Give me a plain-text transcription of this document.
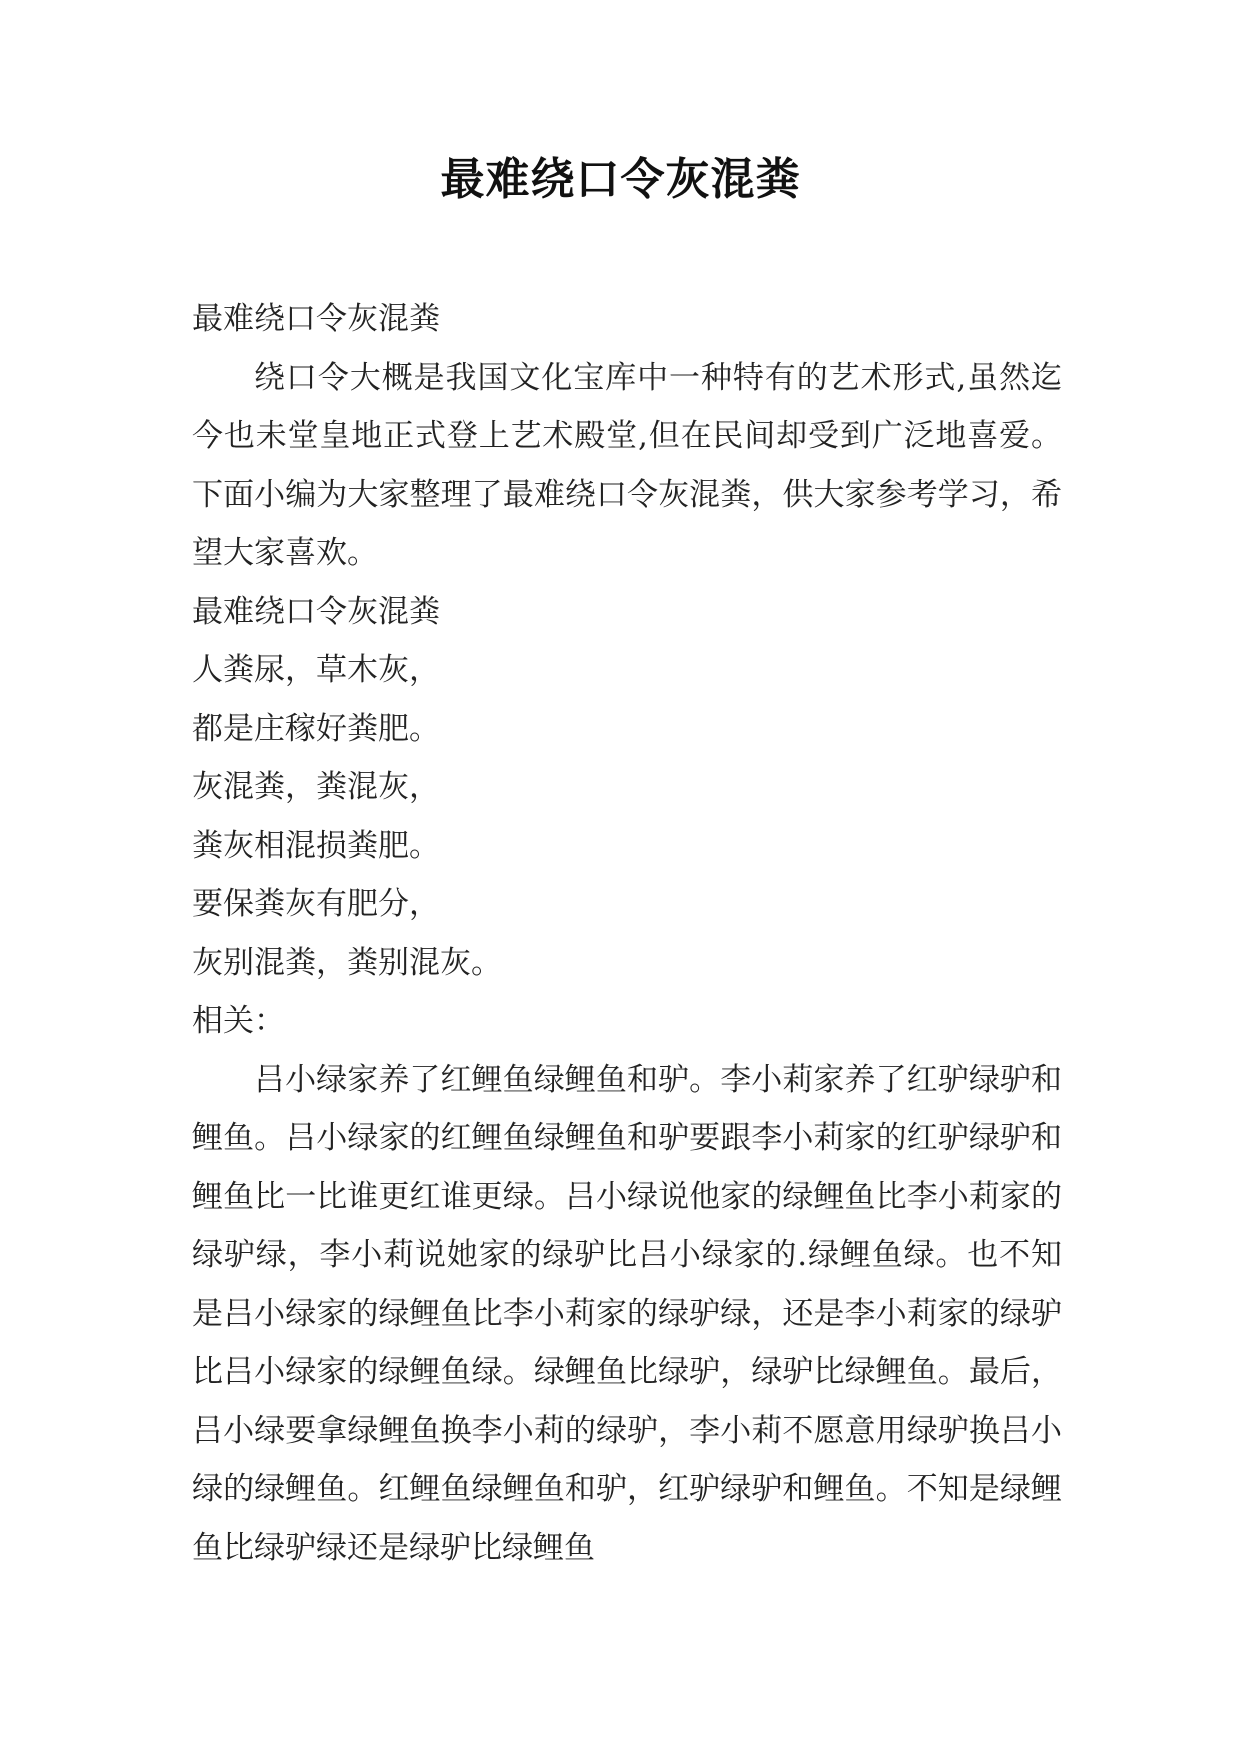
最难绕口令灰混粪

最难绕口令灰混粪

绕口令大概是我国文化宝库中一种特有的艺术形式,虽然迄今也未堂皇地正式登上艺术殿堂,但在民间却受到广泛地喜爱。下面小编为大家整理了最难绕口令灰混粪，供大家参考学习，希望大家喜欢。

最难绕口令灰混粪

人粪尿，草木灰，

都是庄稼好粪肥。

灰混粪，粪混灰，

粪灰相混损粪肥。

要保粪灰有肥分，

灰别混粪，粪别混灰。

相关：

吕小绿家养了红鲤鱼绿鲤鱼和驴。李小莉家养了红驴绿驴和鲤鱼。吕小绿家的红鲤鱼绿鲤鱼和驴要跟李小莉家的红驴绿驴和鲤鱼比一比谁更红谁更绿。吕小绿说他家的绿鲤鱼比李小莉家的绿驴绿，李小莉说她家的绿驴比吕小绿家的.绿鲤鱼绿。也不知是吕小绿家的绿鲤鱼比李小莉家的绿驴绿，还是李小莉家的绿驴比吕小绿家的绿鲤鱼绿。绿鲤鱼比绿驴，绿驴比绿鲤鱼。最后，吕小绿要拿绿鲤鱼换李小莉的绿驴，李小莉不愿意用绿驴换吕小绿的绿鲤鱼。红鲤鱼绿鲤鱼和驴，红驴绿驴和鲤鱼。不知是绿鲤鱼比绿驴绿还是绿驴比绿鲤鱼
